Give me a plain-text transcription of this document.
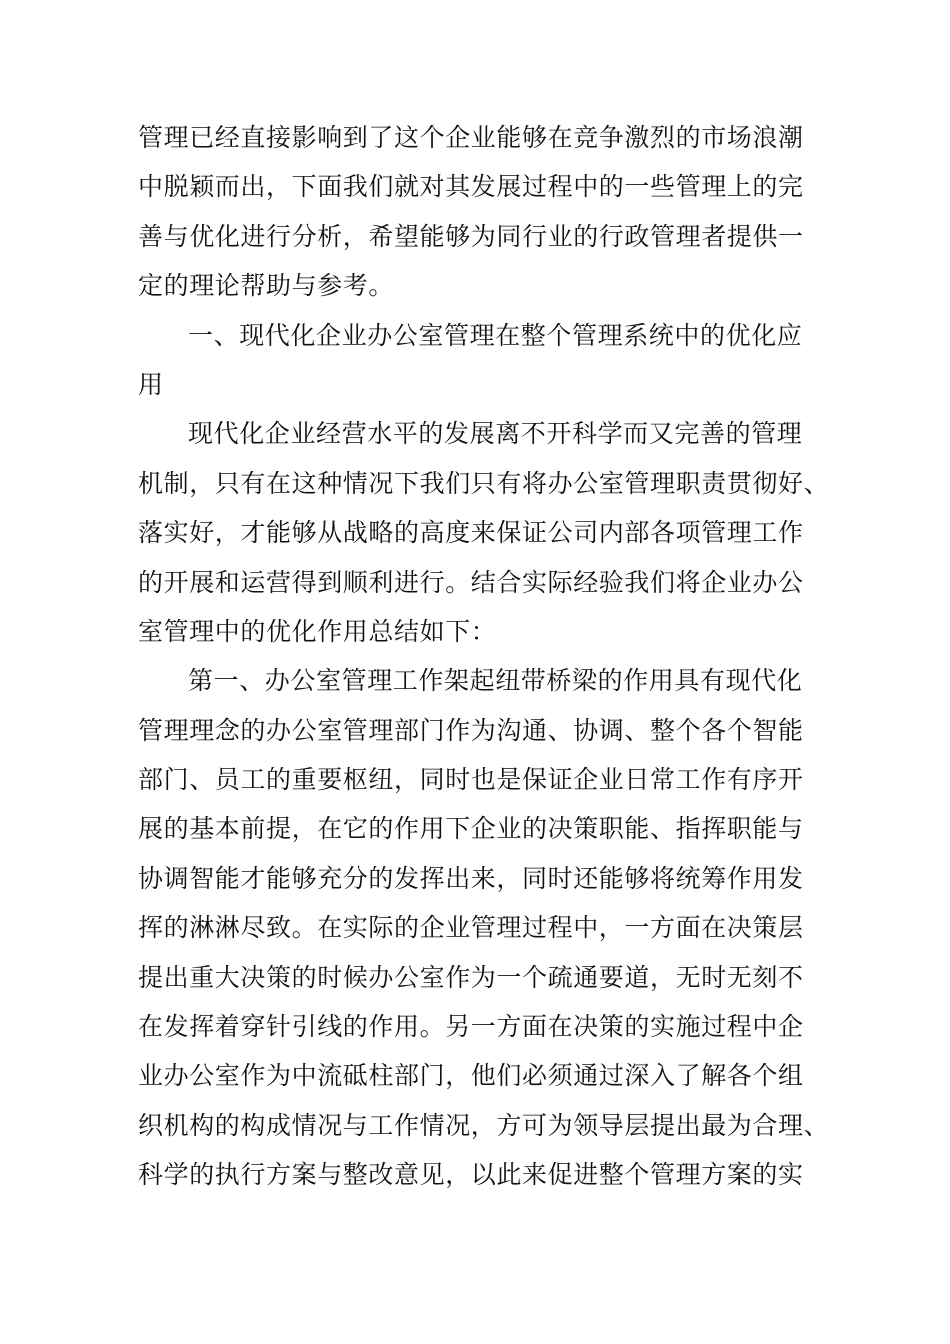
管理已经直接影响到了这个企业能够在竞争激烈的市场浪潮
中脱颖而出，下面我们就对其发展过程中的一些管理上的完
善与优化进行分析，希望能够为同行业的行政管理者提供一
定的理论帮助与参考。
一、现代化企业办公室管理在整个管理系统中的优化应
用
现代化企业经营水平的发展离不开科学而又完善的管理
机制，只有在这种情况下我们只有将办公室管理职责贯彻好、
落实好，才能够从战略的高度来保证公司内部各项管理工作
的开展和运营得到顺利进行。结合实际经验我们将企业办公
室管理中的优化作用总结如下：
第一、办公室管理工作架起纽带桥梁的作用具有现代化
管理理念的办公室管理部门作为沟通、协调、整个各个智能
部门、员工的重要枢纽，同时也是保证企业日常工作有序开
展的基本前提，在它的作用下企业的决策职能、指挥职能与
协调智能才能够充分的发挥出来，同时还能够将统筹作用发
挥的淋淋尽致。在实际的企业管理过程中，一方面在决策层
提出重大决策的时候办公室作为一个疏通要道，无时无刻不
在发挥着穿针引线的作用。另一方面在决策的实施过程中企
业办公室作为中流砥柱部门，他们必须通过深入了解各个组
织机构的构成情况与工作情况，方可为领导层提出最为合理、
科学的执行方案与整改意见，以此来促进整个管理方案的实
